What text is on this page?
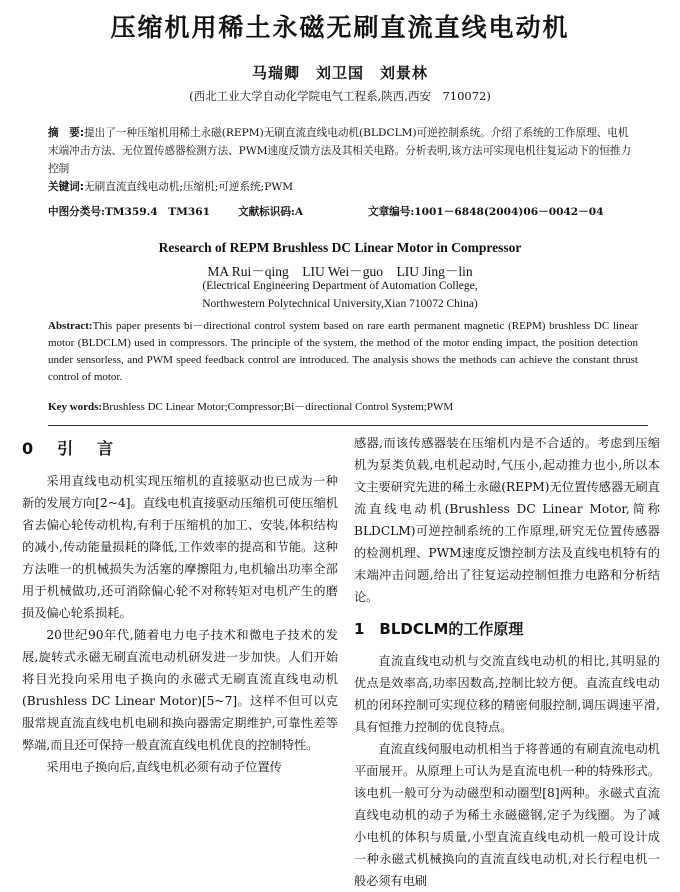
压缩机用稀土永磁无刷直流直线电动机
马瑞卿　刘卫国　刘景林
(西北工业大学自动化学院电气工程系,陕西,西安　710072)
摘　要:提出了一种压缩机用稀土永磁(REPM)无刷直流直线电动机(BLDCLM)可逆控制系统。介绍了系统的工作原理、电机末端冲击方法、无位置传感器检测方法、PWM速度反馈方法及其相关电路。分析表明,该方法可实现电机往复运动下的恒推力控制
关键词:无刷直流直线电动机;压缩机;可逆系统;PWM
中图分类号:TM359.4　TM361	文献标识码:A	文章编号:1001－6848(2004)06－0042－04
Research of REPM Brushless DC Linear Motor in Compressor
MA Rui－qing　LIU Wei－guo　LIU Jing－lin
(Electrical Engineering Department of Automation College,
Northwestern Polytechnical University,Xian 710072 China)
Abstract:This paper presents bi－directional control system based on rare earth permanent magnetic (REPM) brushless DC linear motor (BLDCLM) used in compressors. The principle of the system, the method of the motor ending impact, the position detection under sensorless, and PWM speed feedback control are introduced. The analysis shows the methods can achieve the constant thrust control of motor.
Key words:Brushless DC Linear Motor;Compressor;Bi－directional Control System;PWM
0　引　言

采用直线电动机实现压缩机的直接驱动也已成为一种新的发展方向[2~4]。直线电机直接驱动压缩机可使压缩机省去偏心轮传动机构,有利于压缩机的加工、安装,体积结构的减小,传动能量损耗的降低,工作效率的提高和节能。这种方法唯一的机械损失为活塞的摩擦阻力,电机输出功率全部用于机械做功,还可消除偏心轮不对称转矩对电机产生的磨损及偏心轮系损耗。

20世纪90年代,随着电力电子技术和微电子技术的发展,旋转式永磁无刷直流电动机研发进一步加快。人们开始将目光投向采用电子换向的永磁式无刷直流直线电动机(Brushless DC Linear Motor)[5~7]。这样不但可以克服常规直流直线电机电刷和换向器需定期维护,可靠性差等弊端,而且还可保持一般直流直线电机优良的控制特性。

采用电子换向后,直线电机必须有动子位置传

感器,而该传感器装在压缩机内是不合适的。考虑到压缩机为泵类负载,电机起动时,气压小,起动推力也小,所以本文主要研究先进的稀土永磁(REPM)无位置传感器无刷直流直线电动机(Brushless DC Linear Motor,简称BLDCLM)可逆控制系统的工作原理,研究无位置传感器的检测机理、PWM速度反馈控制方法及直线电机特有的末端冲击问题,给出了往复运动控制恒推力电路和分析结论。

1　BLDCLM的工作原理

直流直线电动机与交流直线电动机的相比,其明显的优点是效率高,功率因数高,控制比较方便。直流直线电动机的闭环控制可实现位移的精密伺服控制,调压调速平滑,具有恒推力控制的优良特点。

直流直线伺服电动机相当于将普通的有刷直流电动机平面展开。从原理上可认为是直流电机一种的特殊形式。该电机一般可分为动磁型和动圈型[8]两种。永磁式直流直线电动机的动子为稀土永磁磁钢,定子为线圈。为了减小电机的体积与质量,小型直流直线电动机一般可设计成一种永磁式机械换向的直流直线电动机,对长行程电机一般必须有电刷
